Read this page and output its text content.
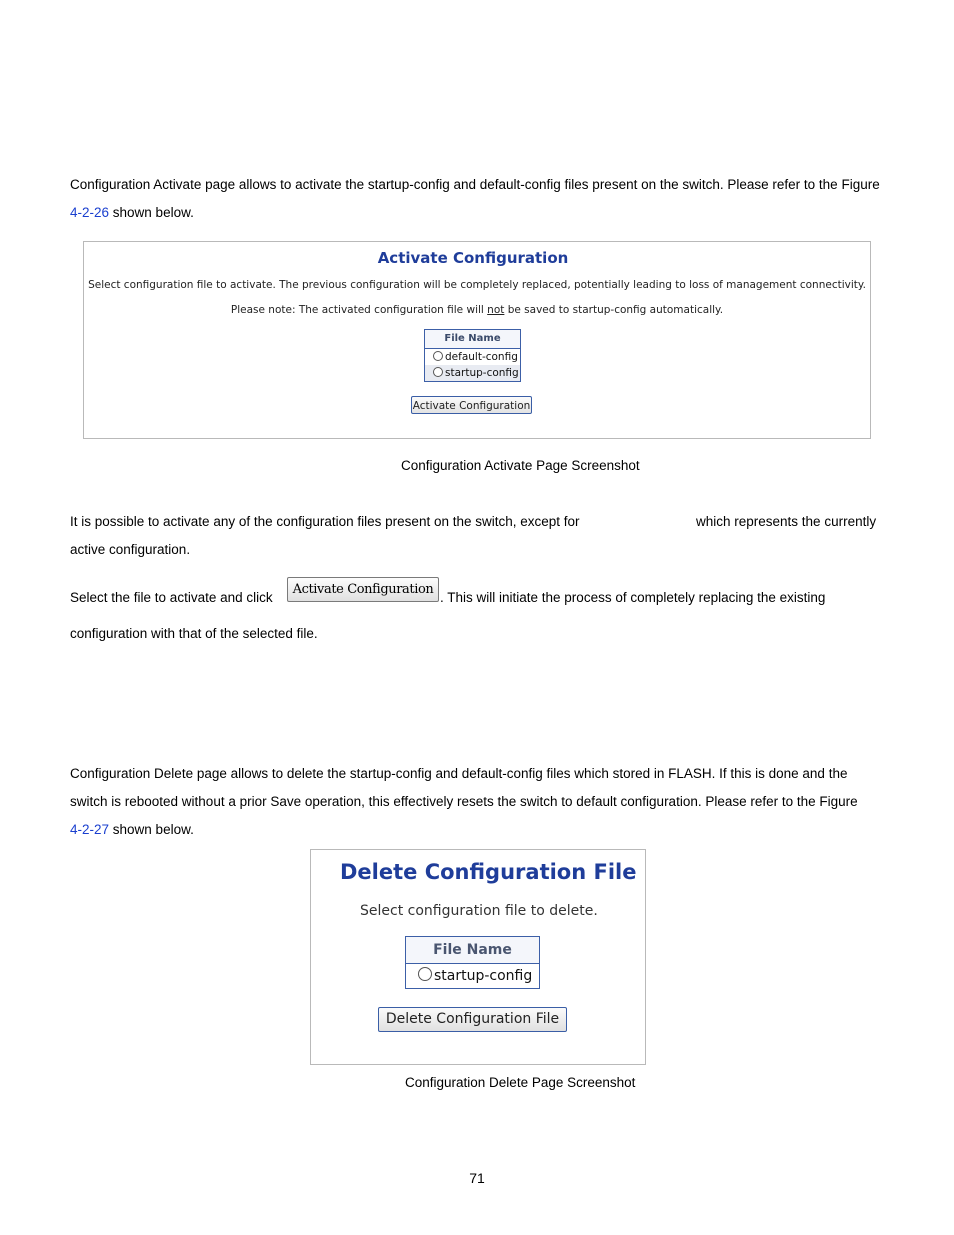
Configuration Activate page allows to activate the startup-config and default-config files present on the switch. Please refer to the Figure 4-2-26 shown below.

Activate Configuration
Select configuration file to activate. The previous configuration will be completely replaced, potentially leading to loss of management connectivity.
Please note: The activated configuration file will not be saved to startup-config automatically.
File Name
default-config
startup-config
Activate Configuration
Configuration Activate Page Screenshot
It is possible to activate any of the configuration files present on the switch, except for	which represents the currently
active configuration.
Select the file to activate and click
Activate Configuration
. This will initiate the process of completely replacing the existing
configuration with that of the selected file.
Configuration Delete page allows to delete the startup-config and default-config files which stored in FLASH. If this is done and the
switch is rebooted without a prior Save operation, this effectively resets the switch to default configuration. Please refer to the Figure
4-2-27 shown below.
Delete Configuration File
Select configuration file to delete.
File Name
startup-config
Delete Configuration File
Configuration Delete Page Screenshot
71
